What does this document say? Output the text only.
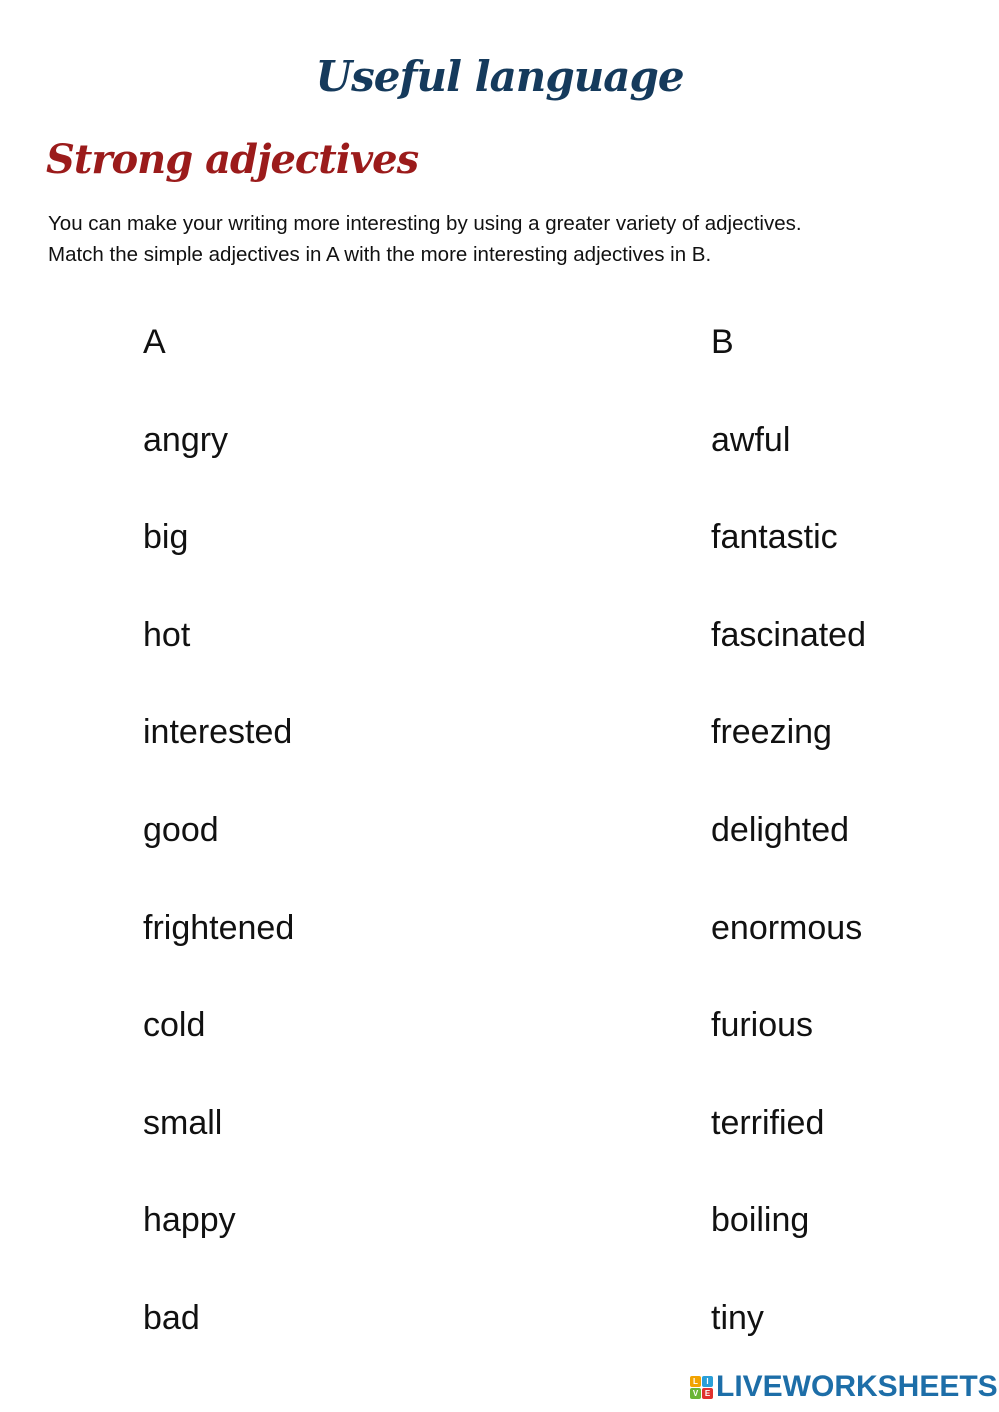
Useful language
Strong adjectives
You can make your writing more interesting by using a greater variety of adjectives.
Match the simple adjectives in A with the more interesting adjectives in B.
A
angry
big
hot
interested
good
frightened
cold
small
happy
bad
B
awful
fantastic
fascinated
freezing
delighted
enormous
furious
terrified
boiling
tiny
L	I
V E LIVEWORKSHEETS
